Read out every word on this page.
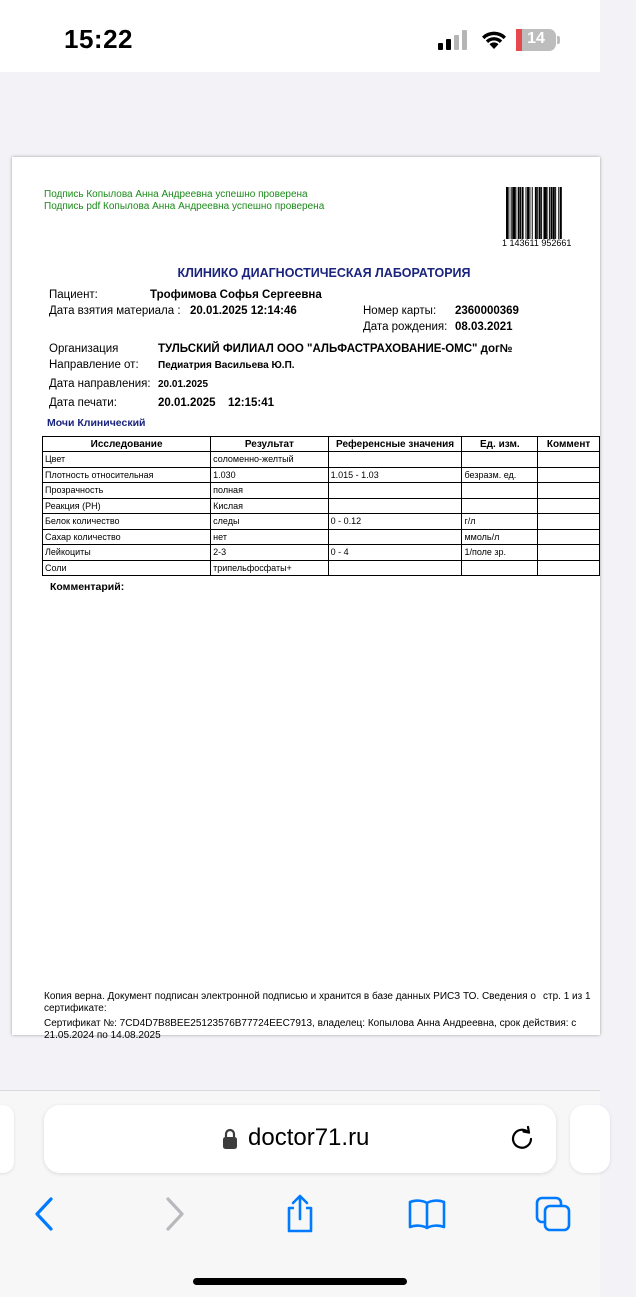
15:22	14
Подпись Копылова Анна Андреевна успешно проверена
Подпись pdf Копылова Анна Андреевна успешно проверена
1 143611 952661
КЛИНИКО ДИАГНОСТИЧЕСКАЯ ЛАБОРАТОРИЯ
Пациент:	Трофимова Софья Сергеевна
Дата взятия материала : 20.01.2025 12:14:46	Номер карты: 2360000369
Дата рождения: 08.03.2021
Организация	ТУЛЬСКИЙ ФИЛИАЛ ООО "АЛЬФАСТРАХОВАНИЕ-ОМС" дог№
Направление от: Педиатрия Васильева Ю.П.
Дата направления: 20.01.2025
Дата печати:	20.01.2025 12:15:41
Мочи Клинический
Исследование	Результат	Референсные значения	Ед. изм.	Коммент
Цвет	соломенно-желтый			
Плотность относительная	1.030	1.015 - 1.03	безразм. ед.	
Прозрачность	полная			
Реакция (PH)	Кислая			
Белок количество	следы	0 - 0.12	г/л	
Сахар количество	нет		ммоль/л	
Лейкоциты	2-3	0 - 4	1/поле зр.	
Соли	трипельфосфаты+			
Комментарий:
Копия верна. Документ подписан электронной подписью и хранится в базе данных РИСЗ ТО. Сведения о стр. 1 из 1
сертификате:
Сертификат №: 7CD4D7B8BEE25123576B77724EEC7913, владелец: Копылова Анна Андреевна, срок действия: с
21.05.2024 по 14.08.2025
doctor71.ru
